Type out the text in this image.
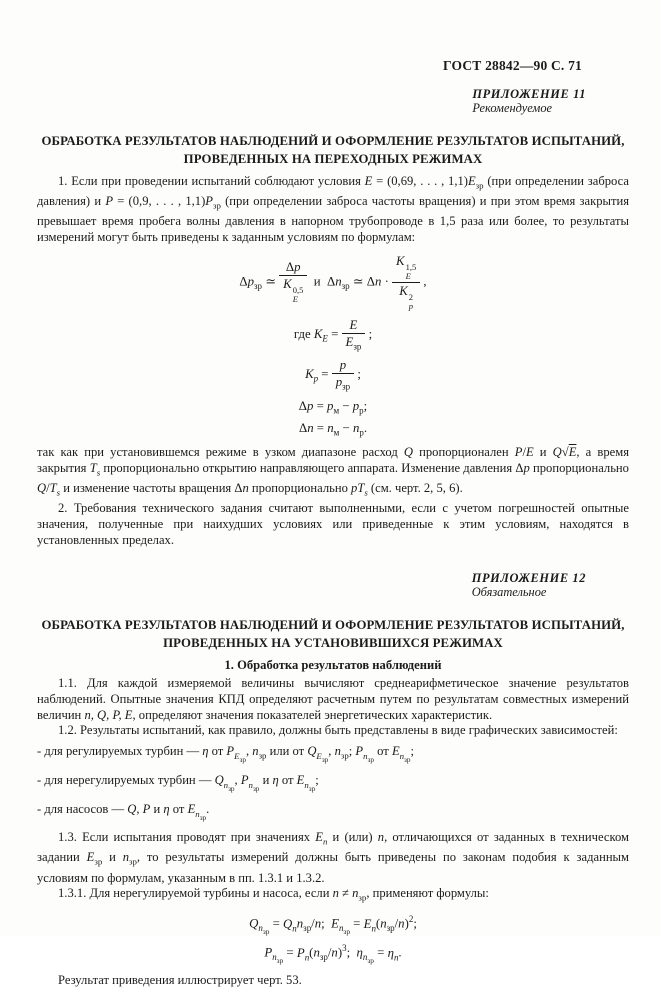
ГОСТ 28842—90 С. 71
ПРИЛОЖЕНИЕ 11
Рекомендуемое
ОБРАБОТКА РЕЗУЛЬТАТОВ НАБЛЮДЕНИЙ И ОФОРМЛЕНИЕ РЕЗУЛЬТАТОВ ИСПЫТАНИЙ,
ПРОВЕДЕННЫХ НА ПЕРЕХОДНЫХ РЕЖИМАХ

1. Если при проведении испытаний соблюдают условия E = (0,69, . . . , $1,1)E_{зр}$ (при определении заброса давления) и P = (0,9, . . . , $1,1)P_{зр}$ (при определении заброса частоты вращения) и при этом время закрытия превышает время пробега волны давления в напорном трубопроводе в 1,5 раза или более, то результаты измерений могут быть приведены к заданным условиям по формулам:

$\Delta p_{зр}$ ≃ Δp
K 0,5
E и  $\Delta n_{зр}$ ≃ Δn · K 1,5
E
K 2
p ,
где $K_E = \frac{E}{E_{зр}}$ ;
$K_p = \frac{p}{p_{зр}}$ ;
$\Delta p = p_м - p_р$;
$\Delta n = n_м - n_р$.

так как при установившемся режиме в узком диапазоне расход Q пропорционален P/E и Q√E, а время закрытия $T_s$ пропорционально открытию направляющего аппарата. Изменение давления Δp пропорционально $Q/T_s$ и изменение частоты вращения Δn пропорционально $pT_s$ (см. черт. 2, 5, 6).

2. Требования технического задания считают выполненными, если с учетом погрешностей опытные значения, полученные при наихудших условиях или приведенные к этим условиям, находятся в установленных пределах.

ПРИЛОЖЕНИЕ 12
Обязательное
ОБРАБОТКА РЕЗУЛЬТАТОВ НАБЛЮДЕНИЙ И ОФОРМЛЕНИЕ РЕЗУЛЬТАТОВ ИСПЫТАНИЙ,
ПРОВЕДЕННЫХ НА УСТАНОВИВШИХСЯ РЕЖИМАХ
1. Обработка результатов наблюдений

1.1. Для каждой измеряемой величины вычисляют среднеарифметическое значение результатов наблюдений. Опытные значения КПД определяют расчетным путем по результатам совместных измерений величин n, Q, P, E, определяют значения показателей энергетических характеристик.

1.2. Результаты испытаний, как правило, должны быть представлены в виде графических зависимостей:

- для регулируемых турбин — η от $P_{E_{зр}}$, $n_{зр}$ или от $Q_{E_{зр}}$, $n_{зр}$; $P_{n_{зр}}$ от $E_{n_{зр}}$;

- для нерегулируемых турбин — $Q_{n_{зр}}$, $P_{n_{зр}}$ и η от $E_{n_{зр}}$;

- для насосов — Q, P и η от $E_{n_{зр}}$.

1.3. Если испытания проводят при значениях $E_n$ и (или) n, отличающихся от заданных в техническом задании $E_{зр}$ и $n_{зр}$, то результаты измерений должны быть приведены по законам подобия к заданным условиям по формулам, указанным в пп. 1.3.1 и 1.3.2.

1.3.1. Для нерегулируемой турбины и насоса, если $n \ne n_{зр}$, применяют формулы:

$Q_{n_{зр}} = Q_nn_{зр}/n$;  $E_{n_{зр}} = E_n(n_{зр}/n)^2$;
$P_{n_{зр}} = P_n(n_{зр}/n)^3$;  $\eta_{n_{зр}} = \eta_n$.

Результат приведения иллюстрирует черт. 53.
